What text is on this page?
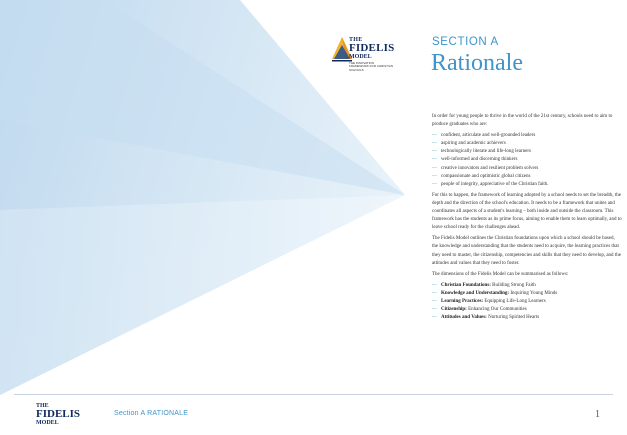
THE
FIDELIS
MODEL
THE INNOVATION FRAMEWORK FOR CHRISTIAN SCHOOLS
SECTION A
Rationale

In order for young people to thrive in the world of the 21st century, schools need to aim to produce graduates who are:

— confident, articulate and well-grounded leaders
— aspiring and academic achievers
— technologically literate and life-long learners
— well-informed and discerning thinkers
— creative innovators and resilient problem solvers
— compassionate and optimistic global citizens
— people of integrity, appreciative of the Christian faith.

For this to happen, the framework of learning adopted by a school needs to set the breadth, the depth and the direction of the school's education. It needs to be a framework that unites and coordinates all aspects of a student's learning – both inside and outside the classroom. This framework has the students as its prime focus, aiming to enable them to learn optimally, and to leave school ready for the challenges ahead.

The Fidelis Model outlines the Christian foundations upon which a school should be based, the knowledge and understanding that the students need to acquire, the learning practices that they need to master, the citizenship, competencies and skills that they need to develop, and the attitudes and values that they need to foster.

The dimensions of the Fidelis Model can be summarised as follows:

— Christian Foundations: Building Strong Faith
— Knowledge and Understanding: Inquiring Young Minds
— Learning Practices: Equipping Life-Long Learners
— Citizenship: Enhancing Our Communities
— Attitudes and Values: Nurturing Spirited Hearts
THE
FIDELIS
MODEL
Section A RATIONALE	1
